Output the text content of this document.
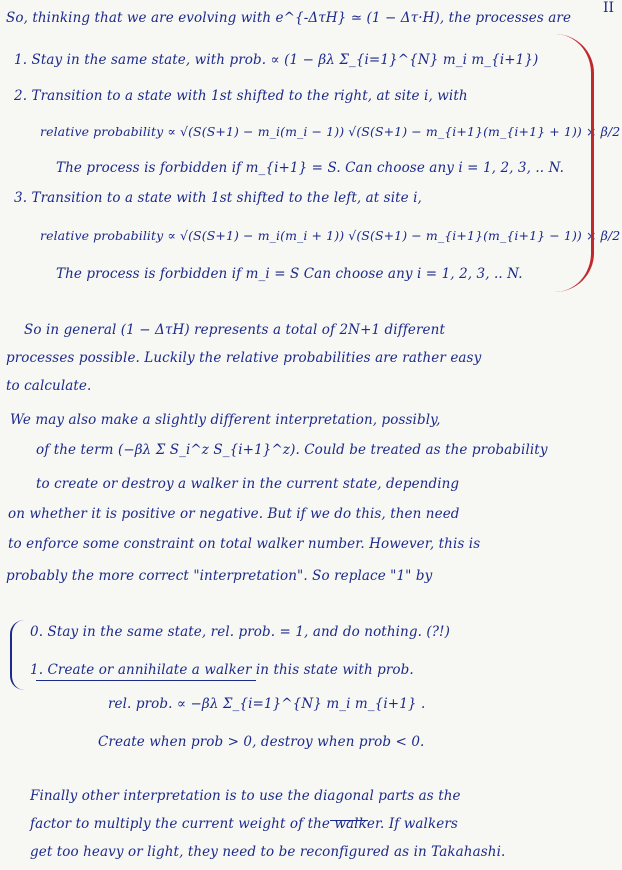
II
So, thinking that we are evolving with e^{-ΔτH} ≃ (1 − Δτ·H), the processes are
1. Stay in the same state, with prob. ∝ (1 − βλ Σ_{i=1}^{N} m_i m_{i+1})
2. Transition to a state with 1st shifted to the right, at site i, with
relative probability ∝ √(S(S+1) − m_i(m_i − 1)) √(S(S+1) − m_{i+1}(m_{i+1} + 1)) × β/2
The process is forbidden if m_{i+1} = S. Can choose any i = 1, 2, 3, .. N.
3. Transition to a state with 1st shifted to the left, at site i,
relative probability ∝ √(S(S+1) − m_i(m_i + 1)) √(S(S+1) − m_{i+1}(m_{i+1} − 1)) × β/2
The process is forbidden if m_i = S Can choose any i = 1, 2, 3, .. N.
So in general (1 − ΔτH) represents a total of 2N+1 different
processes possible. Luckily the relative probabilities are rather easy
to calculate.
We may also make a slightly different interpretation, possibly,
of the term (−βλ Σ S_i^z S_{i+1}^z). Could be treated as the probability
to create or destroy a walker in the current state, depending
on whether it is positive or negative. But if we do this, then need
to enforce some constraint on total walker number. However, this is
probably the more correct "interpretation". So replace "1" by
0. Stay in the same state, rel. prob. = 1, and do nothing. (?!)
1. Create or annihilate a walker in this state with prob.
rel. prob. ∝ −βλ Σ_{i=1}^{N} m_i m_{i+1} .
Create when prob > 0, destroy when prob < 0.
Finally other interpretation is to use the diagonal parts as the
factor to multiply the current weight of the walker. If walkers
get too heavy or light, they need to be reconfigured as in Takahashi.
